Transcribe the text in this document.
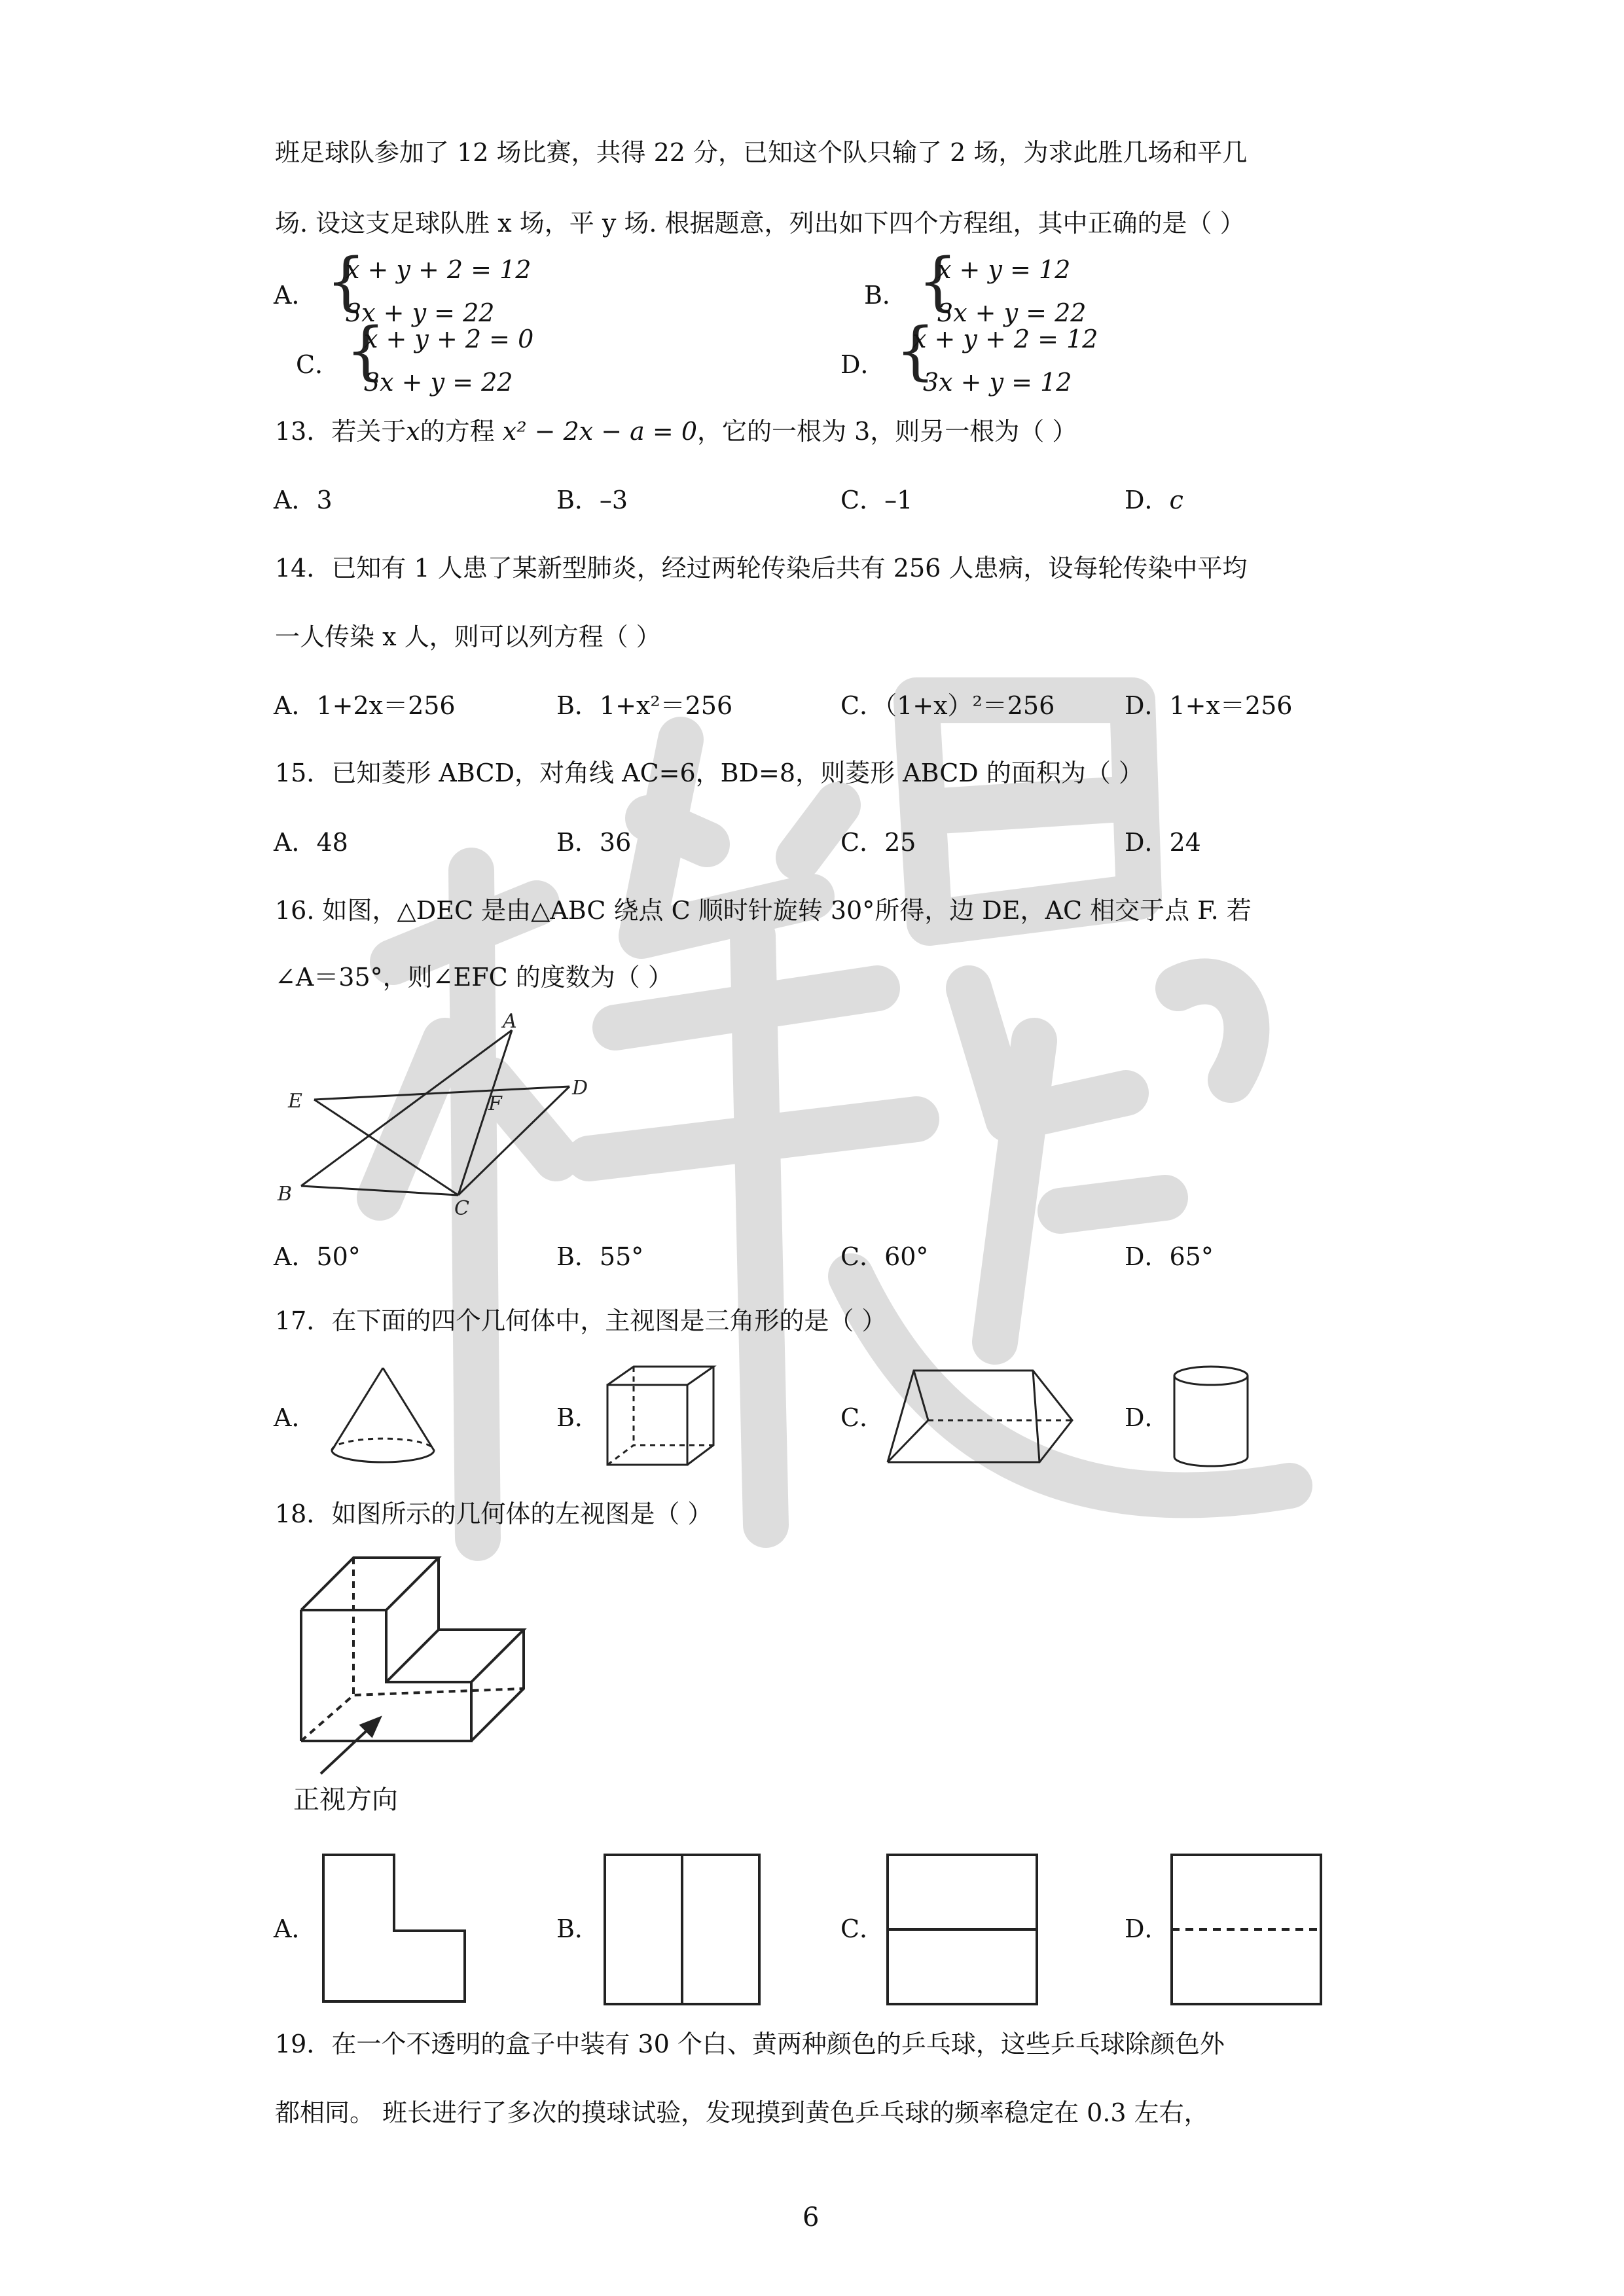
班足球队参加了 12 场比赛，共得 22 分，已知这个队只输了 2 场，为求此胜几场和平几
场. 设这支足球队胜 x 场，平 y 场. 根据题意，列出如下四个方程组，其中正确的是（ ）
A． {
x + y + 2 = 12
3x + y = 22
B． {
x + y = 12
3x + y = 22
C． {
x + y + 2 = 0
3x + y = 22
D． {
x + y + 2 = 12
3x + y = 12
13．若关于x的方程 x² − 2x − a = 0，它的一根为 3，则另一根为（ ）
A．3	B．–3	C．–1	D．c
14．已知有 1 人患了某新型肺炎，经过两轮传染后共有 256 人患病，设每轮传染中平均
一人传染 x 人，则可以列方程（ ）
A．1+2x＝256	B．1+x²＝256	C．（1+x）²＝256	D．1+x＝256
15．已知菱形 ABCD，对角线 AC=6，BD=8，则菱形 ABCD 的面积为（ ）
A．48	B．36	C．25	D．24
16. 如图，△DEC 是由△ABC 绕点 C 顺时针旋转 30°所得，边 DE，AC 相交于点 F. 若
∠A＝35°，则∠EFC 的度数为（ ）
A
B
C
D
E	F
A．50°	B．55°	C．60°	D．65°
17．在下面的四个几何体中，主视图是三角形的是（ ）
A．	B．	C．	D．
18．如图所示的几何体的左视图是（ ）
正视方向
A．	B．	C．	D．
19．在一个不透明的盒子中装有 30 个白、黄两种颜色的乒乓球，这些乒乓球除颜色外
都相同。 班长进行了多次的摸球试验，发现摸到黄色乒乓球的频率稳定在 0.3 左右，
6
